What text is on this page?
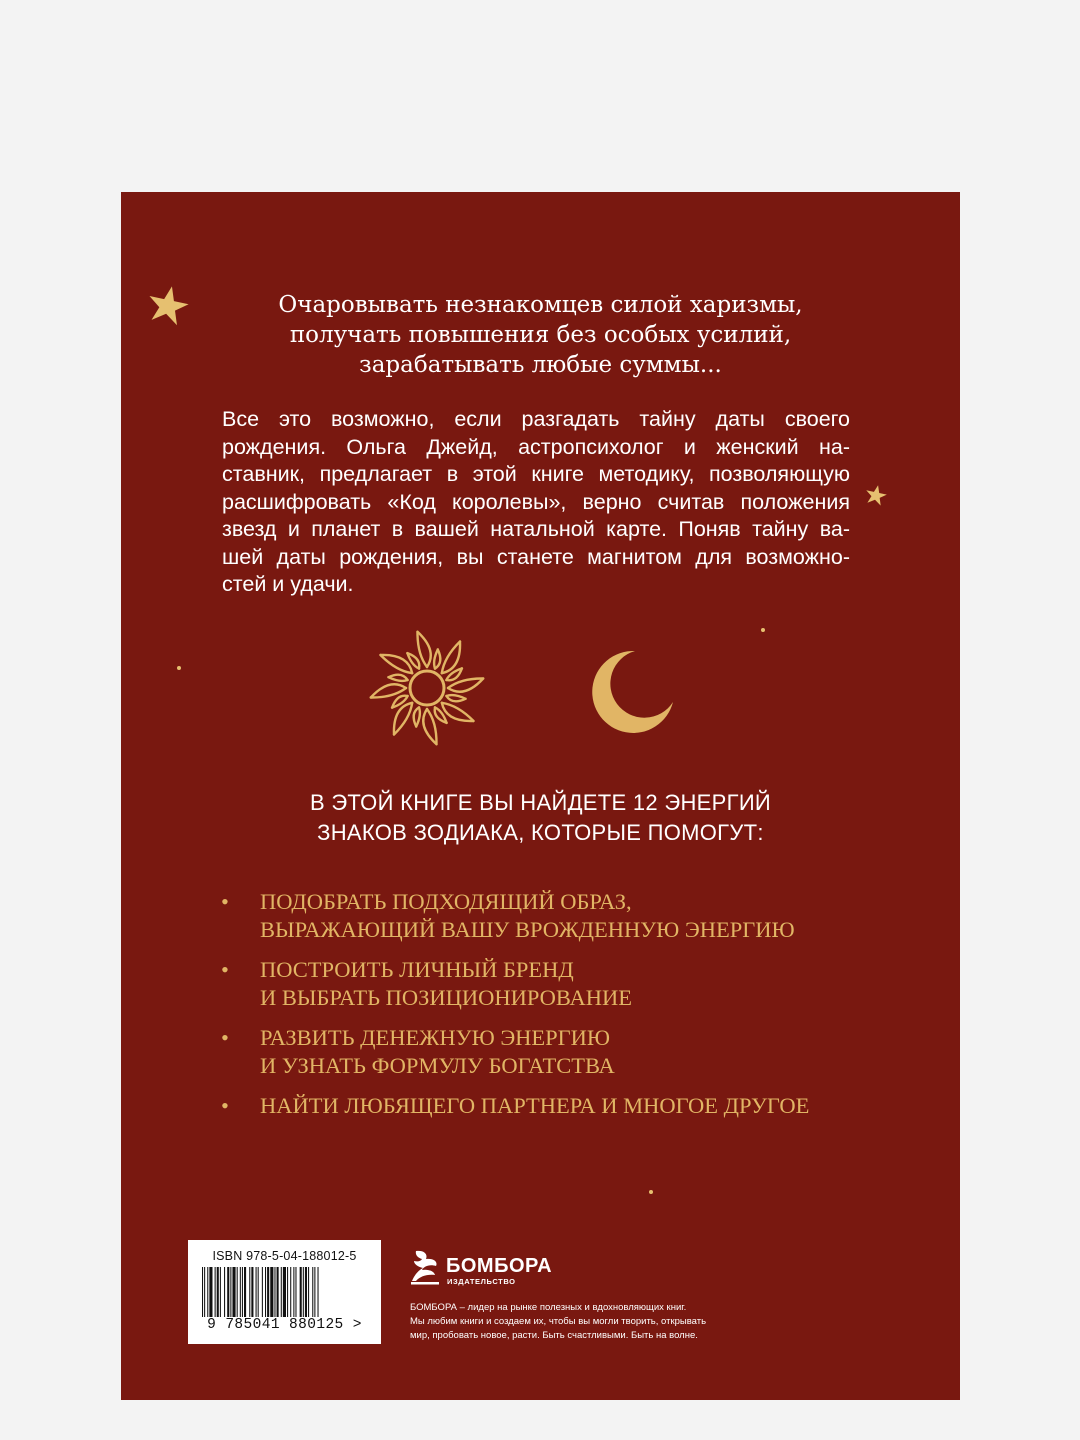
Очаровывать незнакомцев силой харизмы,
получать повышения без особых усилий,
зарабатывать любые суммы...
Все это возможно, если разгадать тайну даты своего
рождения. Ольга Джейд, астропсихолог и женский на-
ставник, предлагает в этой книге методику, позволяющую
расшифровать «Код королевы», верно считав положения
звезд и планет в вашей натальной карте. Поняв тайну ва-
шей даты рождения, вы станете магнитом для возможно-
стей и удачи.
В ЭТОЙ КНИГЕ ВЫ НАЙДЕТЕ 12 ЭНЕРГИЙ
ЗНАКОВ ЗОДИАКА, КОТОРЫЕ ПОМОГУТ:
• ПОДОБРАТЬ ПОДХОДЯЩИЙ ОБРАЗ,
ВЫРАЖАЮЩИЙ ВАШУ ВРОЖДЕННУЮ ЭНЕРГИЮ
• ПОСТРОИТЬ ЛИЧНЫЙ БРЕНД
И ВЫБРАТЬ ПОЗИЦИОНИРОВАНИЕ
• РАЗВИТЬ ДЕНЕЖНУЮ ЭНЕРГИЮ
И УЗНАТЬ ФОРМУЛУ БОГАТСТВА
• НАЙТИ ЛЮБЯЩЕГО ПАРТНЕРА И МНОГОЕ ДРУГОЕ
ISBN 978-5-04-188012-5
9 785041 880125 >
БОМБОРА
ИЗДАТЕЛЬСТВО
БОМБОРА – лидер на рынке полезных и вдохновляющих книг.
Мы любим книги и создаем их, чтобы вы могли творить, открывать
мир, пробовать новое, расти. Быть счастливыми. Быть на волне.
